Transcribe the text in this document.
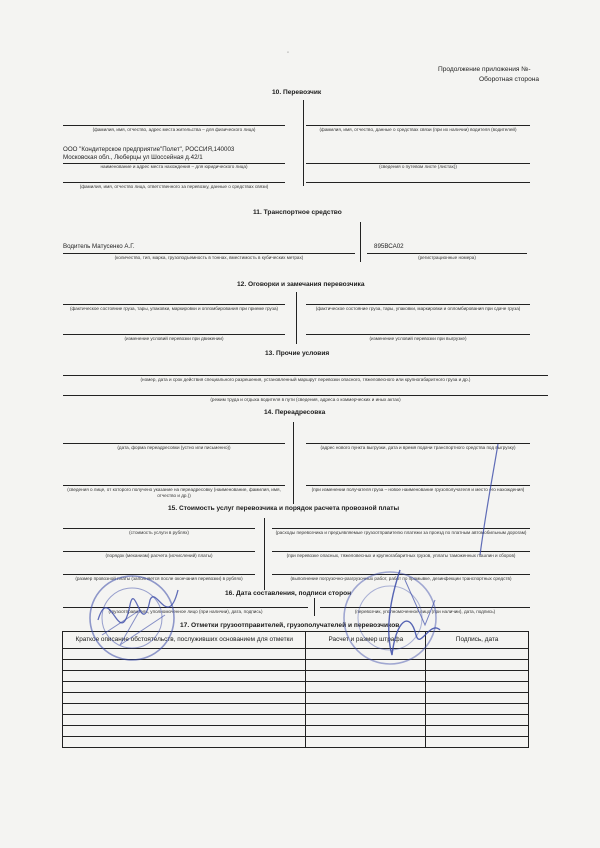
Продолжение приложения №-
Оборотная сторона
◦
10. Перевозчик
(фамилия, имя, отчество, адрес места жительства – для физического лица)	(фамилия, имя, отчество, данные о средствах связи (при их наличии) водителя (водителей)
ООО "Кондитерское предприятие"Полет", РОССИЯ,140003
Московская обл., Люберцы ул Шоссейная д.42/1
наименование и адрес места нахождения – для юридического лица)	(сведения о путевом листе (листах))
(фамилия, имя, отчество лица, ответственного за перевозку, данные о средствах связи)
11. Транспортное средство
Водитель Матусенко А.Г.	895ВСА02
(количество, тип, марка, грузоподъемность в тоннах, вместимость в кубических метрах)	(регистрационные номера)
12. Оговорки и замечания перевозчика
(фактическое состояние груза, тары, упаковки, маркировки и опломбирования при приеме груза)	(фактическое состояние груза, тары, упаковки, маркировки и опломбирования при сдаче груза)
(изменение условий перевозки при движении)	(изменение условий перевозки при выгрузке)
13. Прочие условия
(номер, дата и срок действия специального разрешения, установленный маршрут перевозки опасного, тяжеловесного или крупногабаритного груза и др.)
(режим труда и отдыха водителя в пути (сведения, адреса о коммерческих и иных актах)
14. Переадресовка
(дата, форма переадресовки (устно или письменно))	(адрес нового пункта выгрузки, дата и время подачи транспортного средства под выгрузку)
(сведения о лице, от которого получено указание на переадресовку (наименование, фамилия, имя, отчество и др.))
(при изменении получателя груза – новое наименование грузополучателя и место его нахождения)
15. Стоимость услуг перевозчика и порядок расчета провозной платы
(стоимость услуги в рублях)	(расходы перевозчика и предъявляемые грузоотправителю платежи за проезд по платным автомобильным дорогам)
(порядок (механизм) расчета (исчислений) платы)	(при перевозке опасных, тяжеловесных и крупногабаритных грузов, уплаты таможенных пошлин и сборов)
(размер провозной платы (заполняется после окончания перевозки) в рублях)	(выполнение погрузочно-разгрузочных работ, работ по промывке, дезинфекции транспортных средств)
16. Дата составления, подписи сторон
(грузоотправитель, уполномоченное лицо (при наличии), дата, подпись)	(перевозчик, уполномоченное лицо (при наличии), дата, подпись)
17. Отметки грузоотправителей, грузополучателей и перевозчиков
Краткое описание обстоятельств, послуживших основанием для отметки	Расчет и размер штрафа	Подпись, дата
